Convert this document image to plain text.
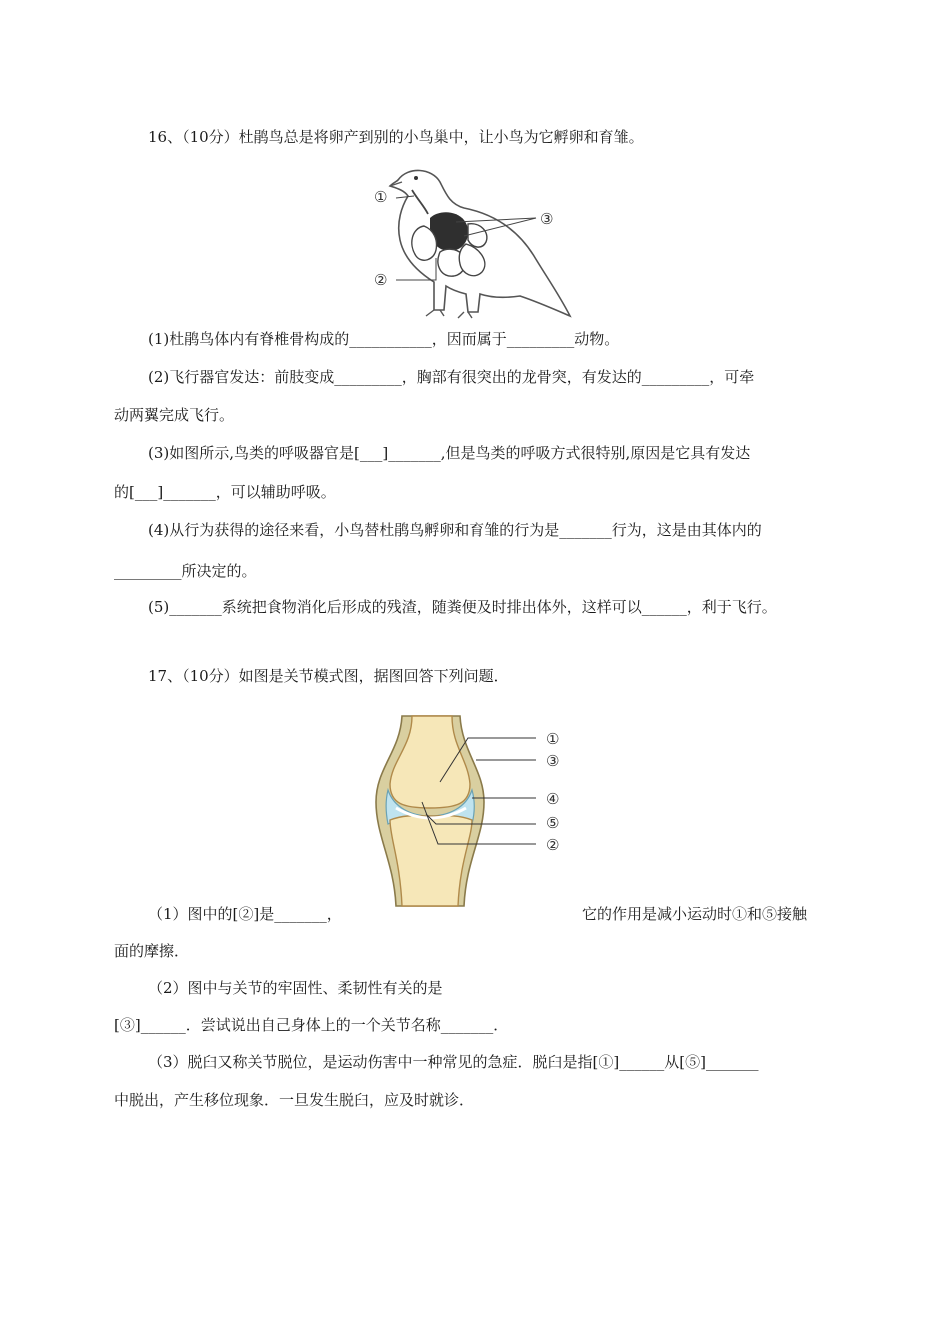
16、（10分）杜鹃鸟总是将卵产到别的小鸟巢中，让小鸟为它孵卵和育雏。
①
②
③
(1)杜鹃鸟体内有脊椎骨构成的___________，因而属于_________动物。
(2)飞行器官发达：前肢变成_________，胸部有很突出的龙骨突，有发达的_________，可牵
动两翼完成飞行。
(3)如图所示,鸟类的呼吸器官是[___]_______,但是鸟类的呼吸方式很特别,原因是它具有发达
的[___]_______，可以辅助呼吸。
(4)从行为获得的途径来看，小鸟替杜鹃鸟孵卵和育雏的行为是_______行为，这是由其体内的
_________所决定的。
(5)_______系统把食物消化后形成的残渣，随粪便及时排出体外，这样可以______，利于飞行。
17、（10分）如图是关节模式图，据图回答下列问题．
①
③
④
⑤
②
（1）图中的[②]是_______，	它的作用是减小运动时①和⑤接触
面的摩擦．
（2）图中与关节的牢固性、柔韧性有关的是
[③]______．尝试说出自己身体上的一个关节名称_______．
（3）脱臼又称关节脱位，是运动伤害中一种常见的急症．脱臼是指[①]______从[⑤]_______
中脱出，产生移位现象．一旦发生脱臼，应及时就诊．
